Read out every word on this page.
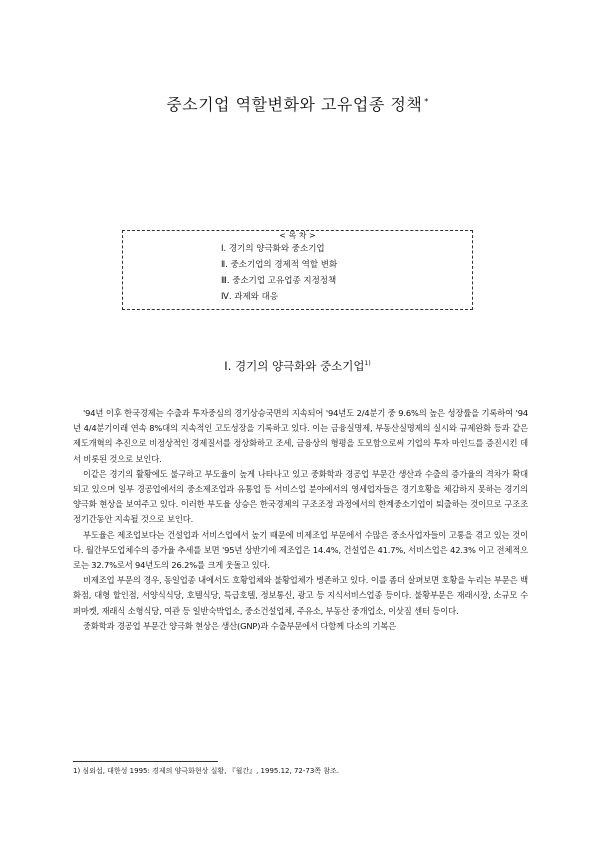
중소기업 역할변화와 고유업종 정책 *
< 목 차 >
Ⅰ. 경기의 양극화와 중소기업
Ⅱ. 중소기업의 경제적 역할 변화
Ⅲ. 중소기업 고유업종 지정정책
Ⅳ. 과제와 대응
Ⅰ. 경기의 양극화와 중소기업$^{1)}$

'94년 이후 한국경제는 수출과 투자중심의 경기상승국면의 지속되어 '94년도 2/4분기 중 9.6%의 높은 성장률을 기록하여 '94년 4/4분기이래 연속 8%대의 지속적인 고도성장을 기록하고 있다. 이는 금융실명제, 부동산실명제의 실시와 규제완화 등과 같은 제도개혁의 추진으로 비정상적인 경제질서를 정상화하고 조세, 금융상의 형평을 도모함으로써 기업의 투자 마인드를 증진시킨 데서 비롯된 것으로 보인다.

이같은 경기의 활황에도 불구하고 부도율이 높게 나타나고 있고 중화학과 경공업 부문간 생산과 수출의 증가율의 격차가 확대되고 있으며 일부 경공업에서의 중소제조업과 유통업 등 서비스업 분야에서의 영세업자들은 경기호황을 체감하지 못하는 경기의 양극화 현상을 보여주고 있다. 이러한 부도율 상승은 한국경제의 구조조정 과정에서의 한계중소기업이 퇴출하는 것이므로 구조조정기간동안 지속될 것으로 보인다.

부도율은 제조업보다는 건설업과 서비스업에서 높기 때문에 비제조업 부문에서 수많은 중소사업자들이 고통을 겪고 있는 것이다. 월간부도업체수의 증가율 추세를 보면 '95년 상반기에 제조업은 14.4%, 건설업은 41.7%, 서비스업은 42.3% 이고 전체적으로는 32.7%로서 94년도의 26.2%를 크게 웃돌고 있다.

비제조업 부문의 경우, 동일업종 내에서도 호황업체와 불황업체가 병존하고 있다. 이를 좀더 살펴보면 호황을 누리는 부문은 백화점, 대형 할인점, 서양식식당, 호텔식당, 특급호텔, 정보통신, 광고 등 지식서비스업종 등이다. 불황부문은 재래시장, 소규모 수퍼마켓, 재래식 소형식당, 여관 등 일반숙박업소, 중소건설업체, 주유소, 부동산 중개업소, 이삿짐 센터 등이다.

중화학과 경공업 부문간 양극화 현상은 생산(GNP)과 수출부문에서 다함께 다소의 기복은

1) 심외섭, 대한성 1995: 경제의 양극화현상 실황, 『월간』, 1995.12, 72-73쪽 참조.
